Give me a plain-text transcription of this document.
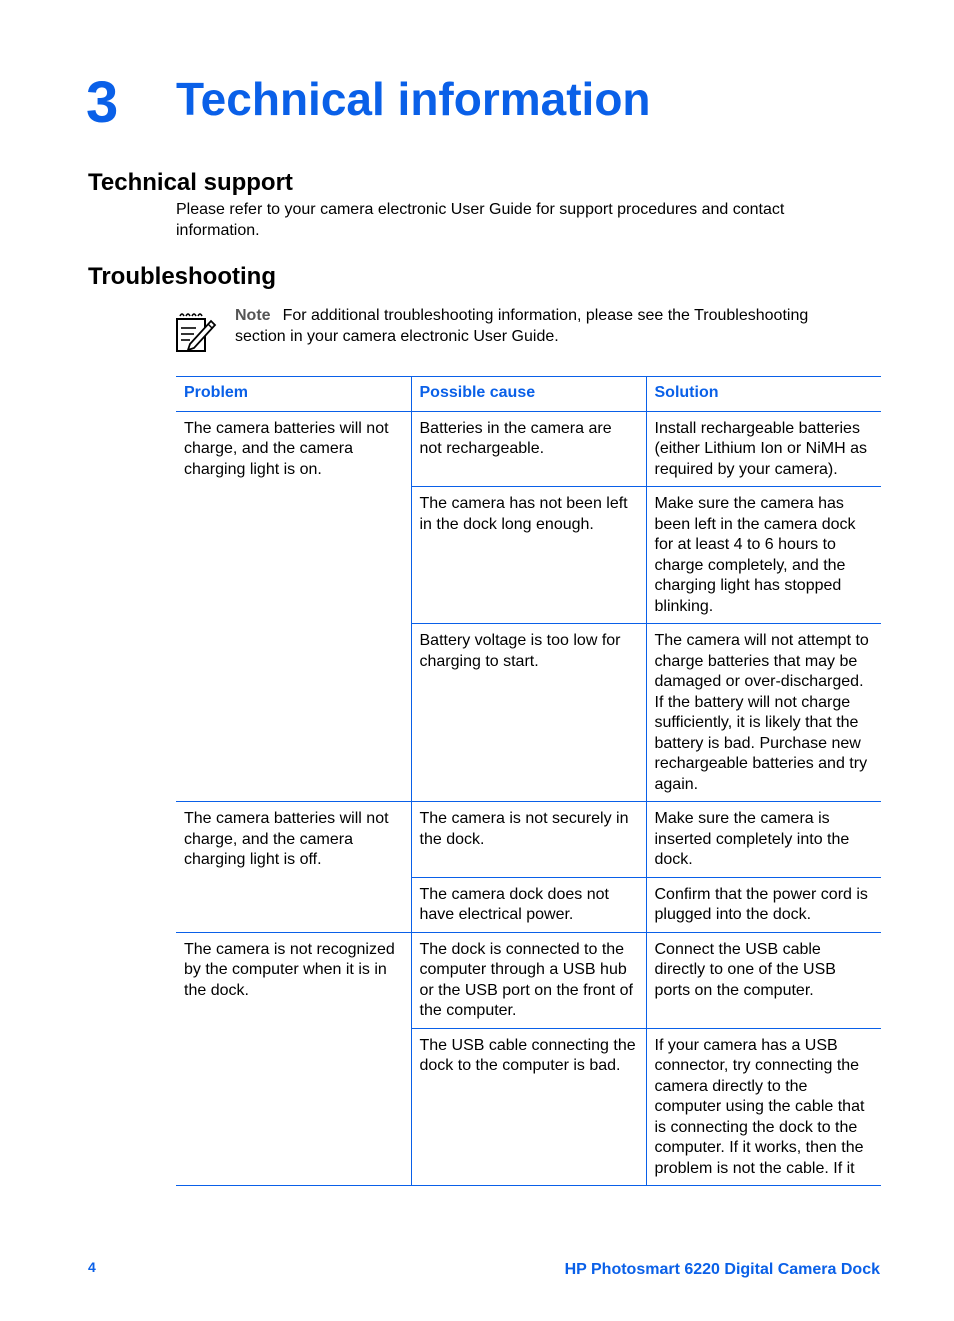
3 Technical information
Technical support
Please refer to your camera electronic User Guide for support procedures and contact information.
Troubleshooting
Note For additional troubleshooting information, please see the Troubleshooting section in your camera electronic User Guide.
Problem	Possible cause	Solution
The camera batteries will not charge, and the camera charging light is on.	Batteries in the camera are not rechargeable.	Install rechargeable batteries (either Lithium Ion or NiMH as required by your camera).
	The camera has not been left in the dock long enough.	Make sure the camera has been left in the camera dock for at least 4 to 6 hours to charge completely, and the charging light has stopped blinking.
	Battery voltage is too low for charging to start.	The camera will not attempt to charge batteries that may be damaged or over-discharged. If the battery will not charge sufficiently, it is likely that the battery is bad. Purchase new rechargeable batteries and try again.
The camera batteries will not charge, and the camera charging light is off.	The camera is not securely in the dock.	Make sure the camera is inserted completely into the dock.
	The camera dock does not have electrical power.	Confirm that the power cord is plugged into the dock.
The camera is not recognized by the computer when it is in the dock.	The dock is connected to the computer through a USB hub or the USB port on the front of the computer.	Connect the USB cable directly to one of the USB ports on the computer.
	The USB cable connecting the dock to the computer is bad.	If your camera has a USB connector, try connecting the camera directly to the computer using the cable that is connecting the dock to the computer. If it works, then the problem is not the cable. If it
4	HP Photosmart 6220 Digital Camera Dock
